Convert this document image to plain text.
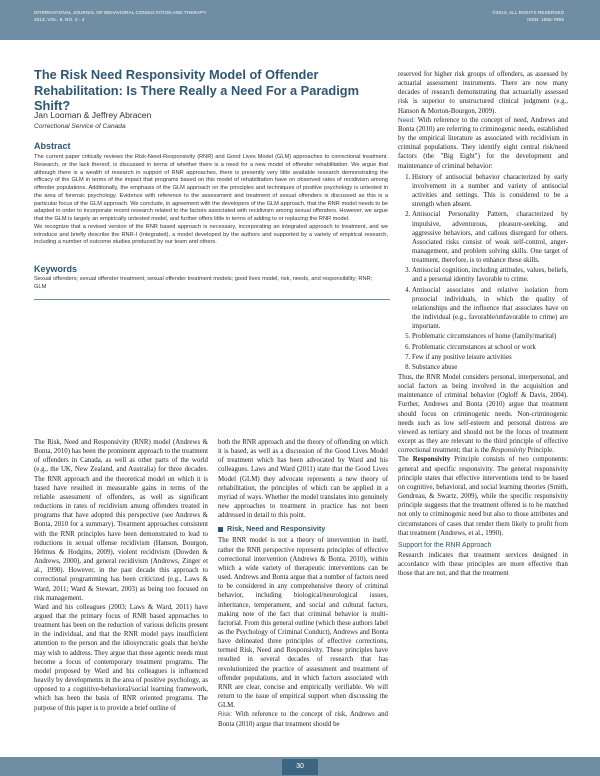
INTERNATIONAL JOURNAL OF BEHAVIORAL CONSULTATION AND THERAPY
2013, VOL. 8, NO. 3 - 4
©2013, ALL RIGHTS RESERVED
ISSN: 1555-7855
The Risk Need Responsivity Model of Offender Rehabilitation: Is There Really a Need For a Paradigm Shift?

Jan Looman & Jeffrey Abracen

Correctional Service of Canada

Abstract

The current paper critically reviews the Risk-Need-Responsivity (RNR) and Good Lives Model (GLM) approaches to correctional treatment. Research, or the lack thereof, is discussed in terms of whether there is a need for a new model of offender rehabilitation. We argue that although there is a wealth of research in support of RNR approaches, there is presently very little available research demonstrating the efficacy of the GLM in terms of the impact that programs based on this model of rehabilitation have on observed rates of recidivism among offender populations. Additionally, the emphasis of the GLM approach on the principles and techniques of positive psychology is untested in the area of forensic psychology. Evidence with reference to the assessment and treatment of sexual offenders is discussed as this is a particular focus of the GLM approach. We conclude, in agreement with the developers of the GLM approach, that the RNR model needs to be adapted in order to incorporate recent research related to the factors associated with recidivism among sexual offenders. However, we argue that the GLM is largely an empirically untested model, and further offers little in terms of adding to or replacing the RNR model.

We recognize that a revised version of the RNR based approach is necessary, incorporating an integrated approach to treatment, and we introduce and briefly describe the RNR-I (Integrated), a model developed by the authors and supported by a variety of empirical research, including a number of outcome studies produced by our team and others.

Keywords

Sexual offenders; sexual offender treatment; sexual offender treatment models; good lives model, risk, needs, and responsibility; RNR; GLM

The Risk, Need and Responsivity (RNR) model (Andrews & Bonta, 2010) has been the prominent approach to the treatment of offenders in Canada, as well as other parts of the world (e.g., the UK, New Zealand, and Australia) for three decades. The RNR approach and the theoretical model on which it is based have resulted in measurable gains in terms of the reliable assessment of offenders, as well as significant reductions in rates of recidivism among offenders treated in programs that have adopted this perspective (see Andrews & Bonta, 2010 for a summary). Treatment approaches consistent with the RNR principles have been demonstrated to lead to reductions in sexual offense recidivism (Hanson, Bourgon, Helmus & Hodgins, 2009), violent recidivism (Dowden & Andrews, 2000), and general recidivism (Andrews, Zinger et al., 1990). However, in the past decade this approach to correctional programming has been criticized (e.g., Laws & Ward, 2011; Ward & Stewart, 2003) as being too focused on risk management.

Ward and his colleagues (2003; Laws & Ward, 2011) have argued that the primary focus of RNR based approaches to treatment has been on the reduction of various deficits present in the individual, and that the RNR model pays insufficient attention to the person and the idiosyncratic goals that he/she may wish to address. They argue that these agentic needs must become a focus of contemporary treatment programs. The model proposed by Ward and his colleagues is influenced heavily by developments in the area of positive psychology, as opposed to a cognitive-behavioral/social learning framework, which has been the basis of RNR oriented programs. The purpose of this paper is to provide a brief outline of

both the RNR approach and the theory of offending on which it is based, as well as a discussion of the Good Lives Model of treatment which has been advocated by Ward and his colleagues. Laws and Ward (2011) state that the Good Lives Model (GLM) they advocate represents a new theory of rehabilitation, the principles of which can be applied in a myriad of ways. Whether the model translates into genuinely new approaches to treatment in practice has not been addressed in detail to this point.

Risk, Need and Responsivity

The RNR model is not a theory of intervention in itself, rather the RNR perspective represents principles of effective correctional intervention (Andrews & Bonta, 2010), within which a wide variety of therapeutic interventions can be used. Andrews and Bonta argue that a number of factors need to be considered in any comprehensive theory of criminal behavior, including biological/neurological issues, inheritance, temperament, and social and cultural factors, making note of the fact that criminal behavior is multi-factorial. From this general outline (which these authors label as the Psychology of Criminal Conduct), Andrews and Bonta have delineated three principles of effective corrections, termed Risk, Need and Responsivity. These principles have resulted in several decades of research that has revolutionized the practice of assessment and treatment of offender populations, and in which factors associated with RNR are clear, concise and empirically verifiable. We will return to the issue of empirical support when discussing the GLM.

Risk: With reference to the concept of risk, Andrews and Bonta (2010) argue that treatment should be

reserved for higher risk groups of offenders, as assessed by actuarial assessment instruments. There are now many decades of research demonstrating that actuarially assessed risk is superior to unstructured clinical judgment (e.g., Hanson & Morton-Bourgon, 2009).

Need: With reference to the concept of need, Andrews and Bonta (2010) are referring to criminogenic needs, established by the empirical literature as associated with recidivism in criminal populations. They identify eight central risk/need factors (the "Big Eight") for the development and maintenance of criminal behavior:

1. History of antisocial behavior characterized by early involvement in a number and variety of antisocial activities and settings. This is considered to be a strength when absent.
2. Antisocial Personality Pattern, characterized by impulsive, adventurous, pleasure-seeking, and aggressive behaviors, and callous disregard for others. Associated risks consist of weak self-control, anger-management, and problem solving skills. One target of treatment, therefore, is to enhance these skills.
3. Antisocial cognition, including attitudes, values, beliefs, and a personal identity favorable to crime.
4. Antisocial associates and relative isolation from prosocial individuals, in which the quality of relationships and the influence that associates have on the individual (e.g., favorable/unfavorable to crime) are important.
5. Problematic circumstances of home (family/marital)
6. Problematic circumstances at school or work
7. Few if any positive leisure activities
8. Substance abuse

Thus, the RNR Model considers personal, interpersonal, and social factors as being involved in the acquisition and maintenance of criminal behavior (Ogloff & Davis, 2004). Further, Andrews and Bonta (2010) argue that treatment should focus on criminogenic needs. Non-criminogenic needs such as low self-esteem and personal distress are viewed as tertiary and should not be the focus of treatment except as they are relevant to the third principle of effective correctional treatment; that is the Responsivity Principle.

The Responsivity Principle consists of two components: general and specific responsivity. The general responsivity principle states that effective interventions tend to be based on cognitive, behavioral, and social learning theories (Smith, Gendreau, & Swartz, 2009), while the specific responsivity principle suggests that the treatment offered is to be matched not only to criminogenic need but also to those attributes and circumstances of cases that render them likely to profit from that treatment (Andrews, et al., 1990).

Support for the RNR Approach

Research indicates that treatment services designed in accordance with these principles are more effective than those that are not, and that the treatment

30
